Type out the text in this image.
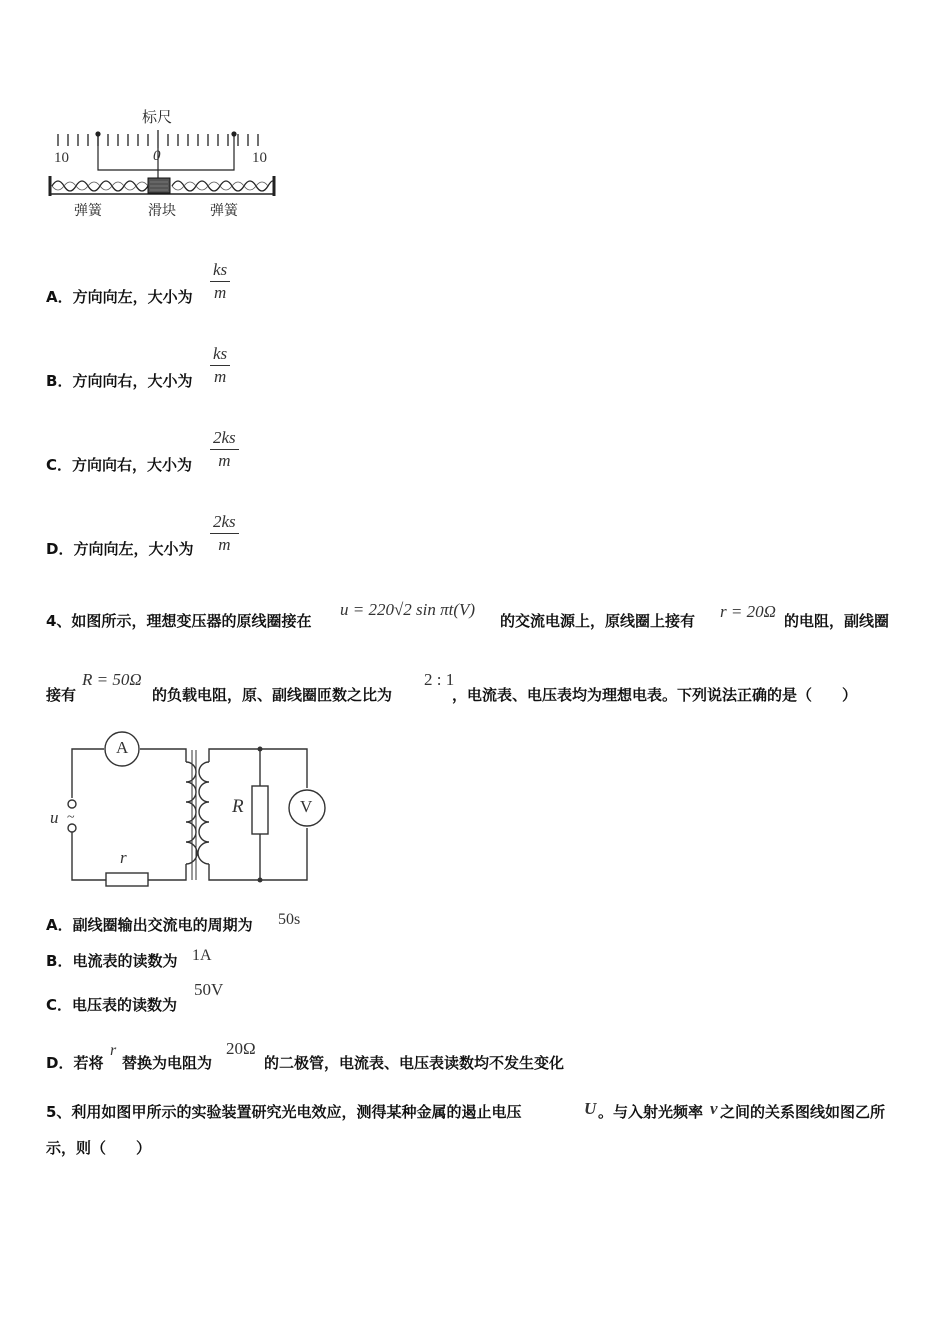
标尺
10	0	10
弹簧	滑块 弹簧
A．方向向左，大小为
ks
m
B．方向向右，大小为
ks
m
C．方向向右，大小为
2ks
m
D．方向向左，大小为
2ks
m
4、如图所示，理想变压器的原线圈接在
u = 220√2 sin πt(V)
的交流电源上，原线圈上接有 r = 20Ω 的电阻，副线圈
接有
R = 50Ω
的负载电阻，原、副线圈匝数之比为
2 : 1
，电流表、电压表均为理想电表。下列说法正确的是（　　）
A
V
u ~
R
r
A．副线圈输出交流电的周期为 50s
B．电流表的读数为 1A
C．电压表的读数为
50V
D．若将
r
替换为电阻为
20Ω
的二极管，电流表、电压表读数均不发生变化
5、利用如图甲所示的实验装置研究光电效应，测得某种金属的遏止电压	U 。与入射光频率 v 之间的关系图线如图乙所
示，则（　　）
